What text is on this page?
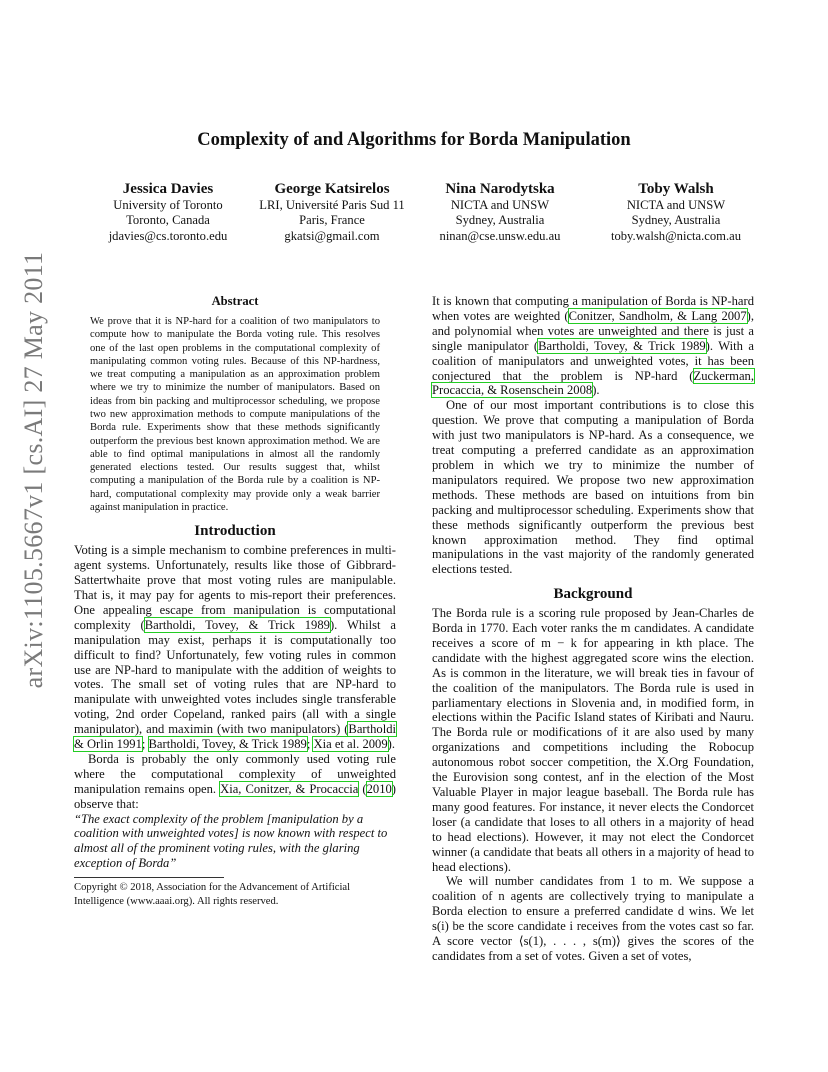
arXiv:1105.5667v1 [cs.AI] 27 May 2011
Complexity of and Algorithms for Borda Manipulation
Jessica Davies
University of Toronto
Toronto, Canada
jdavies@cs.toronto.edu
George Katsirelos
LRI, Université Paris Sud 11
Paris, France
gkatsi@gmail.com
Nina Narodytska
NICTA and UNSW
Sydney, Australia
ninan@cse.unsw.edu.au
Toby Walsh
NICTA and UNSW
Sydney, Australia
toby.walsh@nicta.com.au
Abstract

We prove that it is NP-hard for a coalition of two manipulators to compute how to manipulate the Borda voting rule. This resolves one of the last open problems in the computational complexity of manipulating common voting rules. Because of this NP-hardness, we treat computing a manipulation as an approximation problem where we try to minimize the number of manipulators. Based on ideas from bin packing and multiprocessor scheduling, we propose two new approximation methods to compute manipulations of the Borda rule. Experiments show that these methods significantly outperform the previous best known approximation method. We are able to find optimal manipulations in almost all the randomly generated elections tested. Our results suggest that, whilst computing a manipulation of the Borda rule by a coalition is NP-hard, computational complexity may provide only a weak barrier against manipulation in practice.

Introduction

Voting is a simple mechanism to combine preferences in multi-agent systems. Unfortunately, results like those of Gibbrard-Sattertwhaite prove that most voting rules are manipulable. That is, it may pay for agents to mis-report their preferences. One appealing escape from manipulation is computational complexity (Bartholdi, Tovey, & Trick 1989). Whilst a manipulation may exist, perhaps it is computationally too difficult to find? Unfortunately, few voting rules in common use are NP-hard to manipulate with the addition of weights to votes. The small set of voting rules that are NP-hard to manipulate with unweighted votes includes single transferable voting, 2nd order Copeland, ranked pairs (all with a single manipulator), and maximin (with two manipulators) (Bartholdi & Orlin 1991; Bartholdi, Tovey, & Trick 1989; Xia et al. 2009).

Borda is probably the only commonly used voting rule where the computational complexity of unweighted manipulation remains open. Xia, Conitzer, & Procaccia (2010) observe that:

“The exact complexity of the problem [manipulation by a coalition with unweighted votes] is now known with respect to almost all of the prominent voting rules, with the glaring exception of Borda”

Copyright © 2018, Association for the Advancement of Artificial Intelligence (www.aaai.org). All rights reserved.

It is known that computing a manipulation of Borda is NP-hard when votes are weighted (Conitzer, Sandholm, & Lang 2007), and polynomial when votes are unweighted and there is just a single manipulator (Bartholdi, Tovey, & Trick 1989). With a coalition of manipulators and unweighted votes, it has been conjectured that the problem is NP-hard (Zuckerman, Procaccia, & Rosenschein 2008).

One of our most important contributions is to close this question. We prove that computing a manipulation of Borda with just two manipulators is NP-hard. As a consequence, we treat computing a preferred candidate as an approximation problem in which we try to minimize the number of manipulators required. We propose two new approximation methods. These methods are based on intuitions from bin packing and multiprocessor scheduling. Experiments show that these methods significantly outperform the previous best known approximation method. They find optimal manipulations in the vast majority of the randomly generated elections tested.

Background

The Borda rule is a scoring rule proposed by Jean-Charles de Borda in 1770. Each voter ranks the m candidates. A candidate receives a score of m − k for appearing in kth place. The candidate with the highest aggregated score wins the election. As is common in the literature, we will break ties in favour of the coalition of the manipulators. The Borda rule is used in parliamentary elections in Slovenia and, in modified form, in elections within the Pacific Island states of Kiribati and Nauru. The Borda rule or modifications of it are also used by many organizations and competitions including the Robocup autonomous robot soccer competition, the X.Org Foundation, the Eurovision song contest, anf in the election of the Most Valuable Player in major league baseball. The Borda rule has many good features. For instance, it never elects the Condorcet loser (a candidate that loses to all others in a majority of head to head elections). However, it may not elect the Condorcet winner (a candidate that beats all others in a majority of head to head elections).

We will number candidates from 1 to m. We suppose a coalition of n agents are collectively trying to manipulate a Borda election to ensure a preferred candidate d wins. We let s(i) be the score candidate i receives from the votes cast so far. A score vector ⟨s(1), . . . , s(m)⟩ gives the scores of the candidates from a set of votes. Given a set of votes,
